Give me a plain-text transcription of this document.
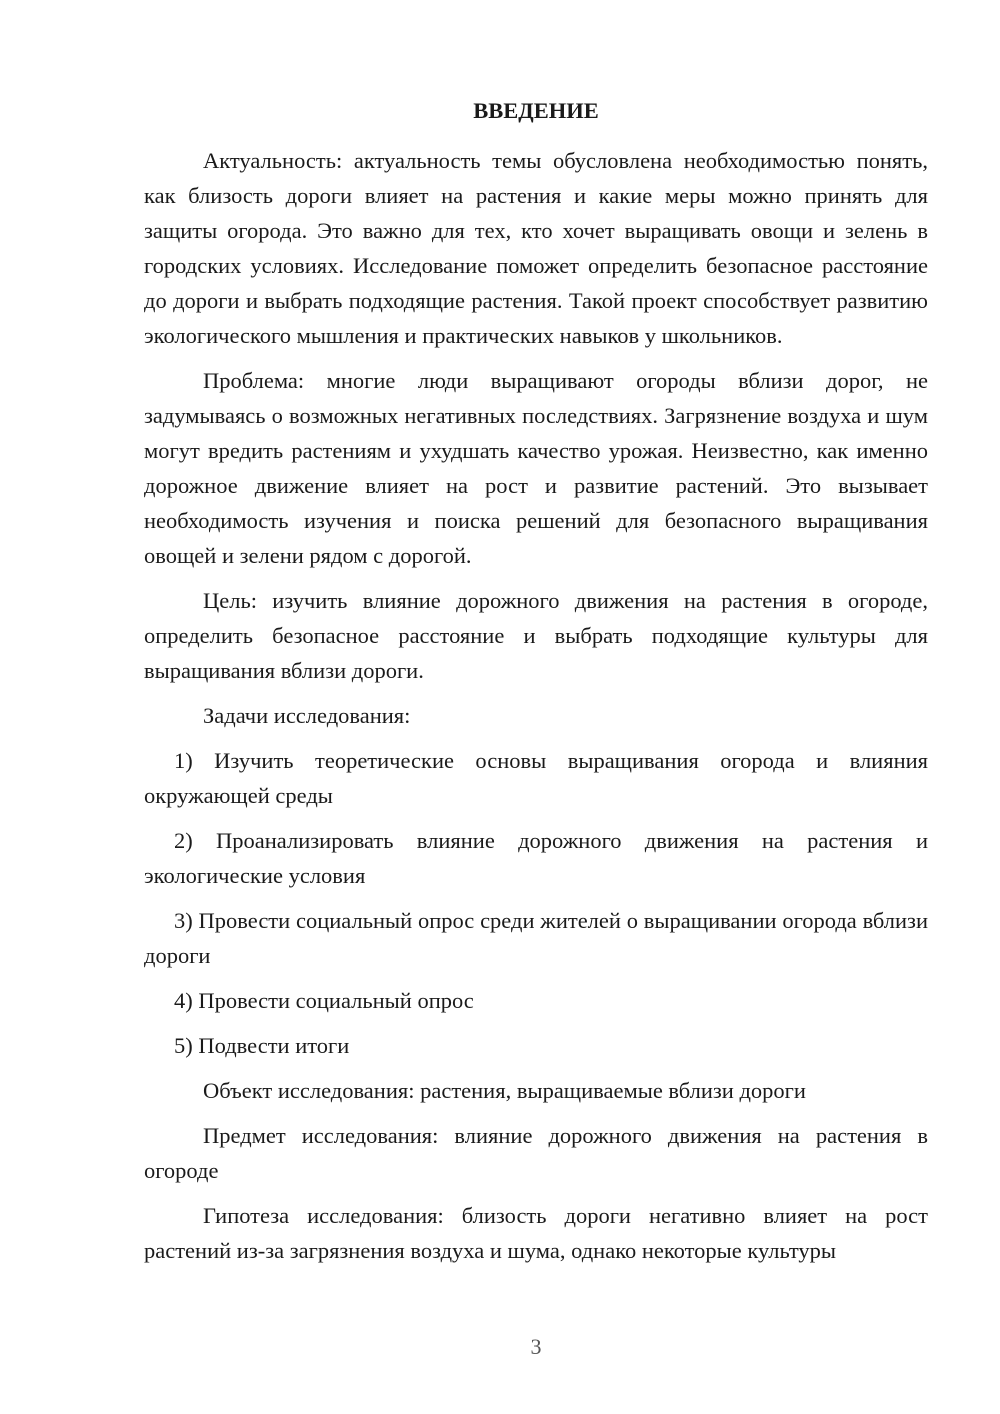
ВВЕДЕНИЕ

Актуальность: актуальность темы обусловлена необходимостью понять, как близость дороги влияет на растения и какие меры можно принять для защиты огорода. Это важно для тех, кто хочет выращивать овощи и зелень в городских условиях. Исследование поможет определить безопасное расстояние до дороги и выбрать подходящие растения. Такой проект способствует развитию экологического мышления и практических навыков у школьников.

Проблема: многие люди выращивают огороды вблизи дорог, не задумываясь о возможных негативных последствиях. Загрязнение воздуха и шум могут вредить растениям и ухудшать качество урожая. Неизвестно, как именно дорожное движение влияет на рост и развитие растений. Это вызывает необходимость изучения и поиска решений для безопасного выращивания овощей и зелени рядом с дорогой.

Цель: изучить влияние дорожного движения на растения в огороде, определить безопасное расстояние и выбрать подходящие культуры для выращивания вблизи дороги.

Задачи исследования:

1) Изучить теоретические основы выращивания огорода и влияния окружающей среды

2) Проанализировать влияние дорожного движения на растения и экологические условия

3) Провести социальный опрос среди жителей о выращивании огорода вблизи дороги

4) Провести социальный опрос

5) Подвести итоги

Объект исследования: растения, выращиваемые вблизи дороги

Предмет исследования: влияние дорожного движения на растения в огороде

Гипотеза исследования: близость дороги негативно влияет на рост растений из-за загрязнения воздуха и шума, однако некоторые культуры

3
